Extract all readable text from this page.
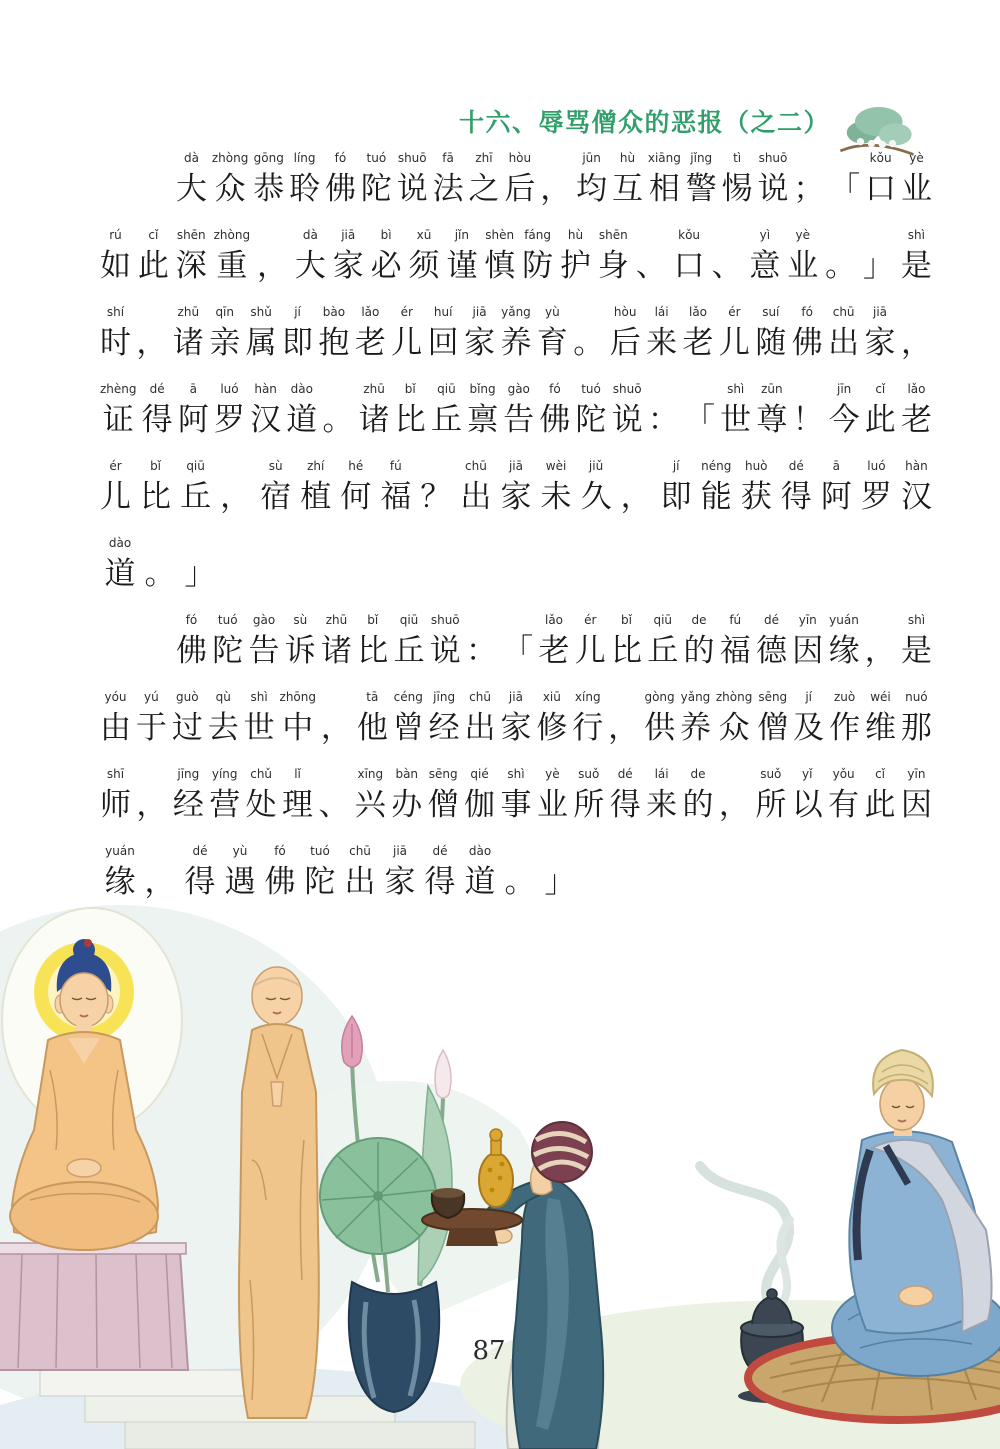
十六、辱骂僧众的恶报（之二）
dà
大
zhòng
众
gōng
恭
líng
聆
fó
佛
tuó
陀
shuō
说
fā
法
zhī
之
hòu
后 ，
jūn
均
hù
互
xiāng
相
jǐng
警
tì
惕
shuō
说 ； 「
kǒu
口
yè
业
rú
如
cǐ
此
shēn
深
zhòng
重 ，
dà
大
jiā
家
bì
必
xū
须
jǐn
谨
shèn
慎
fáng
防
hù
护
shēn
身 、
kǒu
口 、
yì
意
yè
业 。 」
shì
是
shí
时 ，
zhū
诸
qīn
亲
shǔ
属
jí
即
bào
抱
lǎo
老
ér
儿
huí
回
jiā
家
yǎng
养
yù
育 。
hòu
后
lái
来
lǎo
老
ér
儿
suí
随
fó
佛
chū
出
jiā
家 ，
zhèng
证
dé
得
ā
阿
luó
罗
hàn
汉
dào
道 。
zhū
诸
bǐ
比
qiū
丘
bǐng
禀
gào
告
fó
佛
tuó
陀
shuō
说 ： 「
shì
世
zūn
尊 ！
jīn
今
cǐ
此
lǎo
老
ér
儿
bǐ
比
qiū
丘 ，
sù
宿
zhí
植
hé
何
fú
福 ？
chū
出
jiā
家
wèi
未
jiǔ
久 ，
jí
即
néng
能
huò
获
dé
得
ā
阿
luó
罗
hàn
汉
dào
道 。 」
fó
佛
tuó
陀
gào
告
sù
诉
zhū
诸
bǐ
比
qiū
丘
shuō
说 ： 「
lǎo
老
ér
儿
bǐ
比
qiū
丘
de
的
fú
福
dé
德
yīn
因
yuán
缘 ，
shì
是
yóu
由
yú
于
guò
过
qù
去
shì
世
zhōng
中 ，
tā
他
céng
曾
jīng
经
chū
出
jiā
家
xiū
修
xíng
行 ，
gòng
供
yǎng
养
zhòng
众
sēng
僧
jí
及
zuò
作
wéi
维
nuó
那
shī
师 ，
jīng
经
yíng
营
chǔ
处
lǐ
理 、
xīng
兴
bàn
办
sēng
僧
qié
伽
shì
事
yè
业
suǒ
所
dé
得
lái
来
de
的 ，
suǒ
所
yǐ
以
yǒu
有
cǐ
此
yīn
因
yuán
缘 ，
dé
得
yù
遇
fó
佛
tuó
陀
chū
出
jiā
家
dé
得
dào
道 。 」
87
